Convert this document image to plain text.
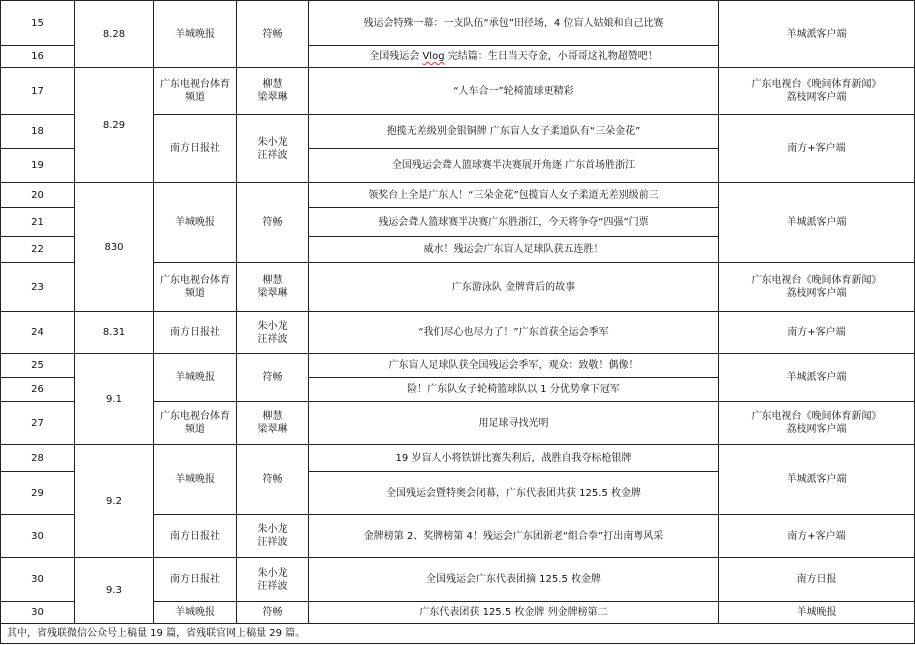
15	8.28	羊城晚报	符畅	残运会特殊一幕：一支队伍“承包”田径场，4 位盲人姑娘和自己比赛	羊城派客户端

16				全国残运会 Vlog 完结篇：生日当天夺金，小哥哥这礼物超赞吧！	
17	8.29	广东电视台体育频道	柳慧
梁翠琳	“人车合一”轮椅篮球更精彩	广东电视台《晚间体育新闻》
荔枝网客户端

18		南方日报社	朱小龙
汪祥波	抱揽无差级别金银铜牌 广东盲人女子柔道队有“三朵金花”	南方+客户端

19				全国残运会聋人篮球赛半决赛展开角逐 广东首场胜浙江	
20	830	羊城晚报	符畅	领奖台上全是广东人！“三朵金花”包揽盲人女子柔道无差别级前三	羊城派客户端

21				残运会聋人篮球赛半决赛广东胜浙江，今天将争夺“四强”门票	
22				威水！残运会广东盲人足球队获五连胜！	
23		广东电视台体育频道	柳慧
梁翠琳	广东游泳队 金牌背后的故事	广东电视台《晚间体育新闻》
荔枝网客户端

24	8.31	南方日报社	朱小龙
汪祥波	“我们尽心也尽力了！”广东首获全运会季军	南方+客户端

25	9.1	羊城晚报	符畅	广东盲人足球队获全国残运会季军，观众：致敬！偶像！	羊城派客户端

26				险！广东队女子轮椅篮球队以 1 分优势拿下冠军	
27		广东电视台体育频道	柳慧
梁翠琳	用足球寻找光明	广东电视台《晚间体育新闻》
荔枝网客户端

28	9.2	羊城晚报	符畅	19 岁盲人小将铁饼比赛失利后，战胜自我夺标枪银牌	羊城派客户端

29				全国残运会暨特奥会闭幕，广东代表团共获 125.5 枚金牌	
30		南方日报社	朱小龙
汪祥波	金牌榜第 2、奖牌榜第 4！残运会广东团新老“组合拳”打出南粤风采	南方+客户端

30	9.3	南方日报社	朱小龙
汪祥波	全国残运会广东代表团摘 125.5 枚金牌	南方日报

30		羊城晚报	符畅	广东代表团获 125.5 枚金牌 列金牌榜第二	羊城晚报

其中，省残联微信公众号上稿量 19 篇，省残联官网上稿量 29 篇。					
